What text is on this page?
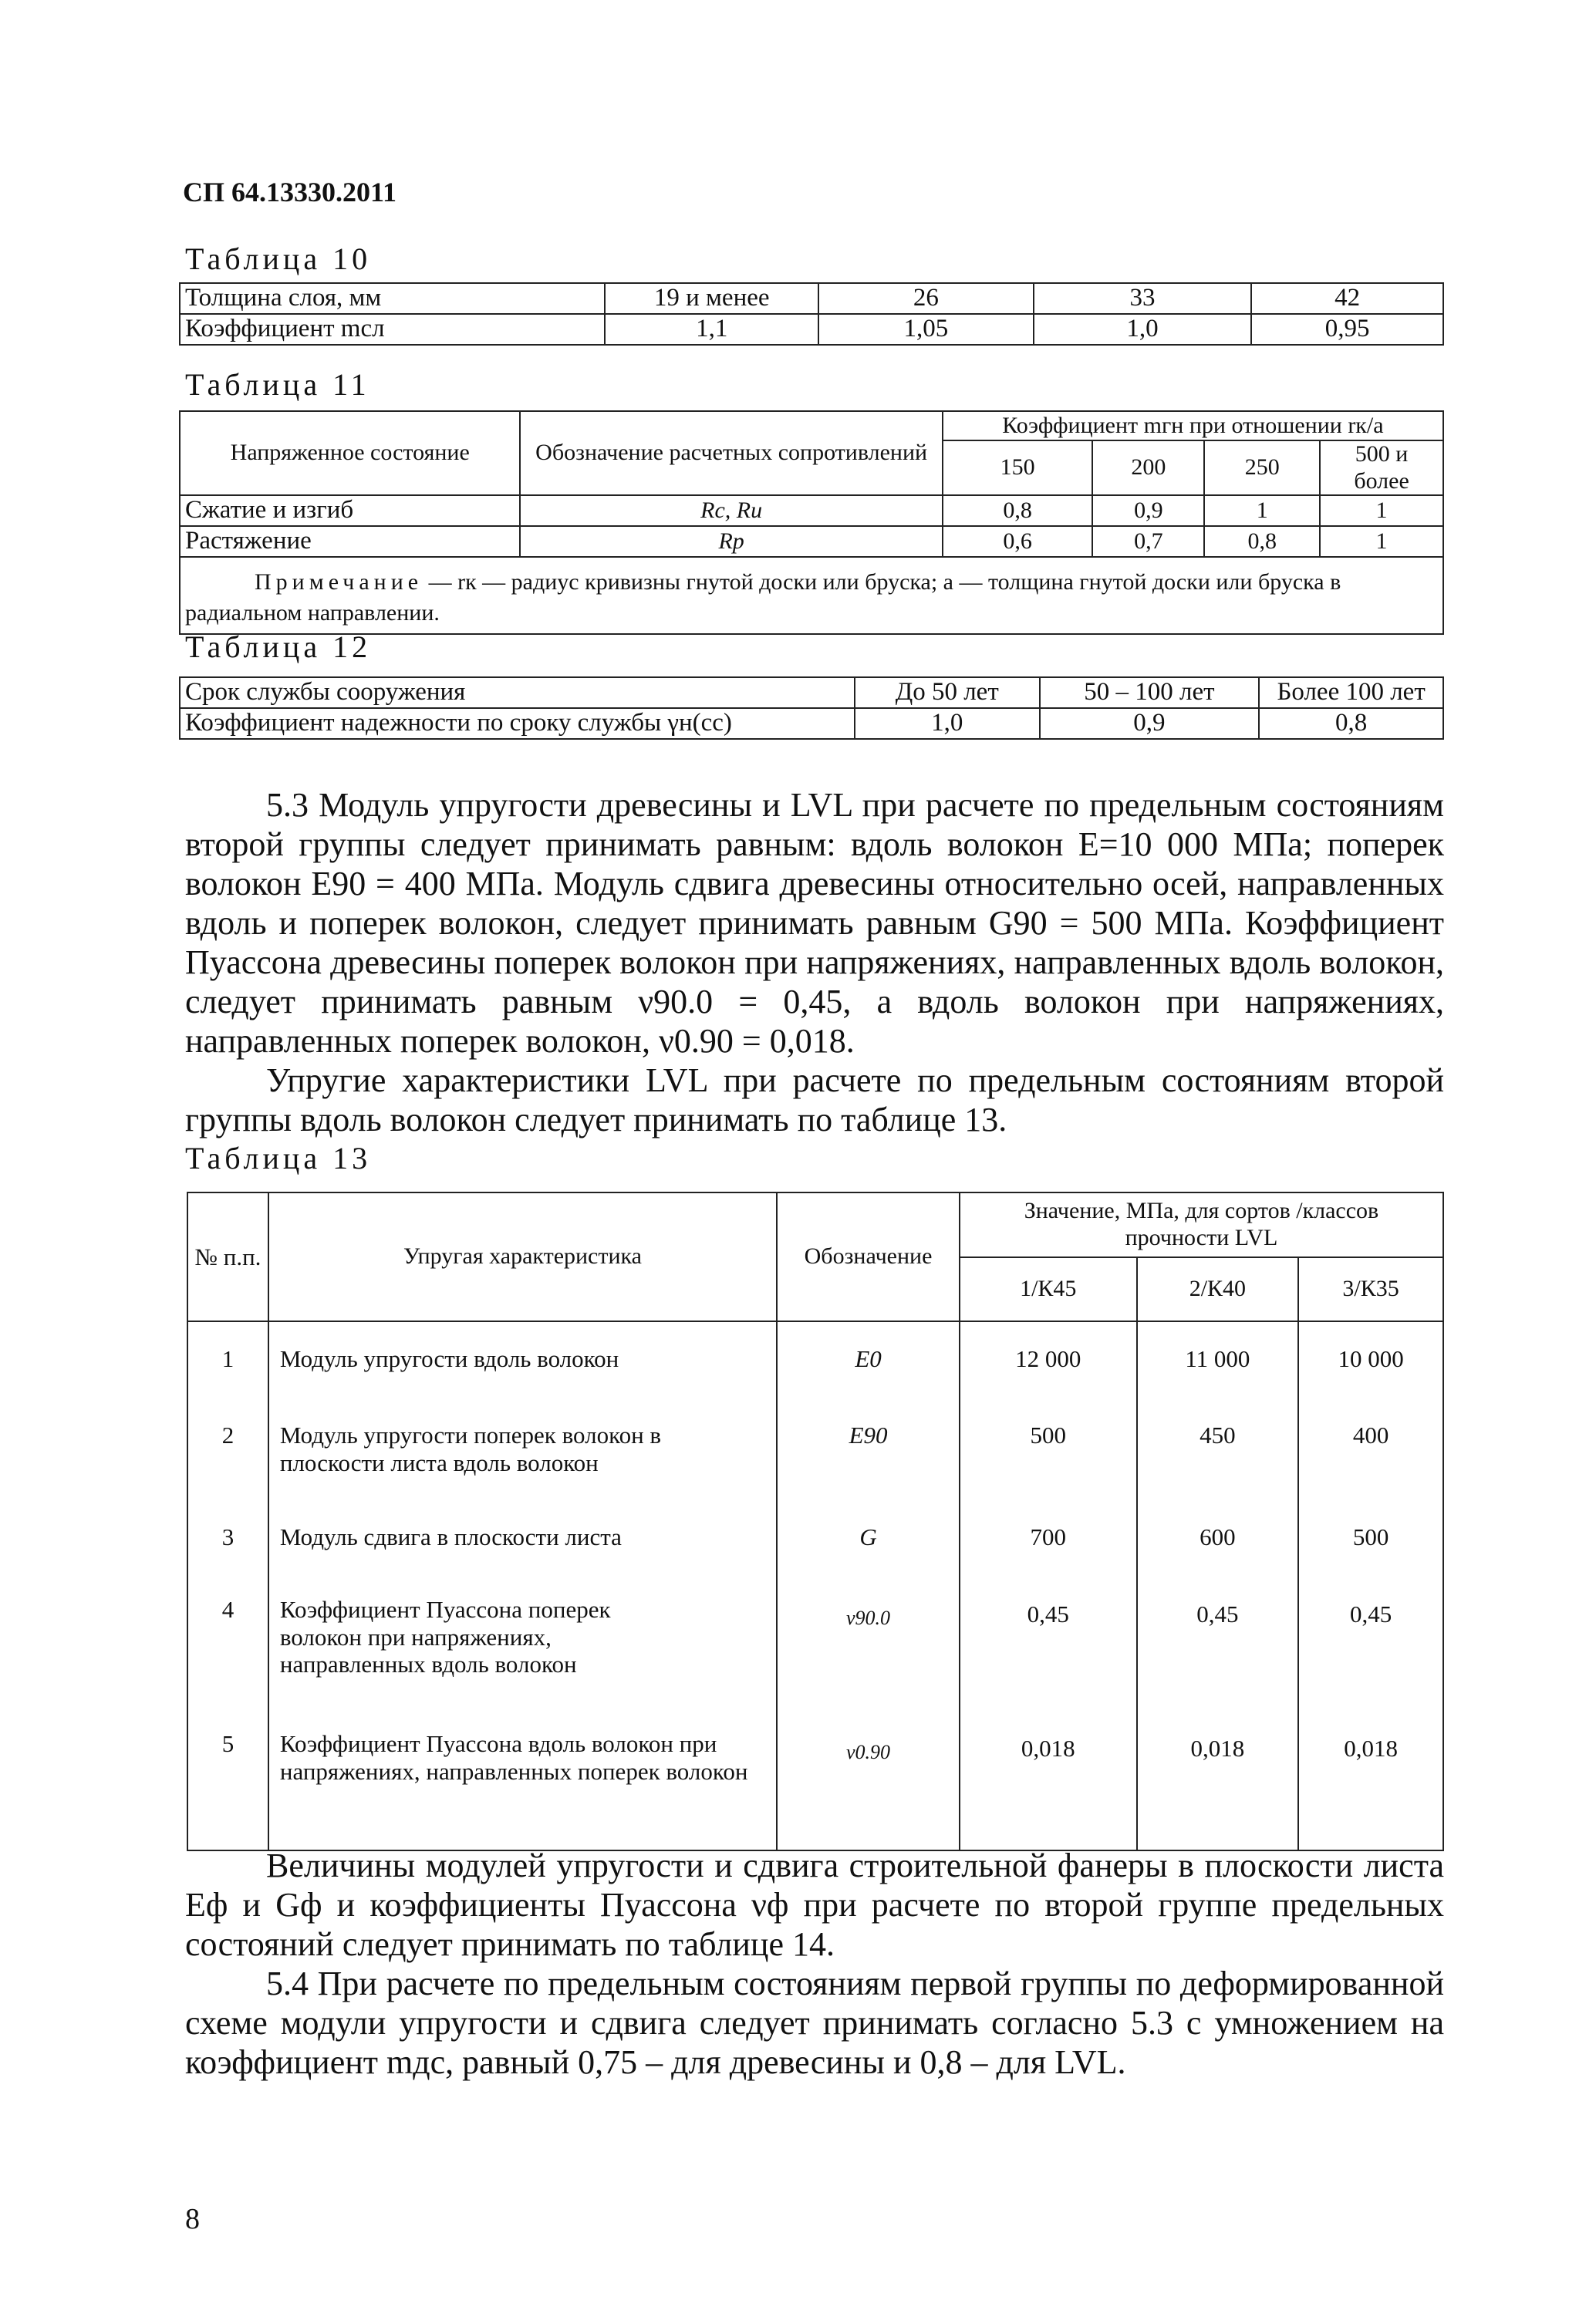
СП 64.13330.2011
Таблица 10
Толщина слоя, мм	19 и менее	26	33	42
Коэффициент mсл	1,1	1,05	1,0	0,95
Таблица 11
Напряженное состояние	Обозначение расчетных сопротивлений	Коэффициент mгн при отношении rк/a			
		150	200	250	500 и более
Сжатие и изгиб	Rс, Rи	0,8	0,9	1	1
Растяжение	Rр	0,6	0,7	0,8	1
Примечание — rк — радиус кривизны гнутой доски или бруска; a — толщина гнутой доски или бруска в радиальном направлении.					
Таблица 12
Срок службы сооружения	До 50 лет	50 – 100 лет	Более 100 лет
Коэффициент надежности по сроку службы γн(сс)	1,0	0,9	0,8
5.3 Модуль упругости древесины и LVL при расчете по предельным состояниям
второй группы следует принимать равным: вдоль волокон E=10 000 МПа; поперек
волокон E90 = 400 МПа. Модуль сдвига древесины относительно осей, направленных
вдоль и поперек волокон, следует принимать равным G90 = 500 МПа. Коэффициент
Пуассона древесины поперек волокон при напряжениях, направленных вдоль волокон,
следует принимать равным ν90.0 = 0,45, а вдоль волокон при напряжениях,
направленных поперек волокон, ν0.90 = 0,018.
Упругие характеристики LVL при расчете по предельным состояниям второй
группы вдоль волокон следует принимать по таблице 13.
Таблица 13
№ п.п.	Упругая характеристика	Обозначение	Значение, МПа, для сортов /классов прочности LVL		
			1/К45	2/К40	3/К35
1	Модуль упругости вдоль волокон	E0	12 000	11 000	10 000
2	Модуль упругости поперек волокон в плоскости листа вдоль волокон	E90	500	450	400
3	Модуль сдвига в плоскости листа	G	700	600	500
4	Коэффициент Пуассона поперек волокон при напряжениях, направленных вдоль волокон	ν90.0	0,45	0,45	0,45
5	Коэффициент Пуассона вдоль волокон при напряжениях, направленных поперек волокон	ν0.90	0,018	0,018	0,018
Величины модулей упругости и сдвига строительной фанеры в плоскости листа
Eф и Gф и коэффициенты Пуассона νф при расчете по второй группе предельных
состояний следует принимать по таблице 14.
5.4 При расчете по предельным состояниям первой группы по деформированной
схеме модули упругости и сдвига следует принимать согласно 5.3 с умножением на
коэффициент mдс, равный 0,75 – для древесины и 0,8 – для LVL.
8
